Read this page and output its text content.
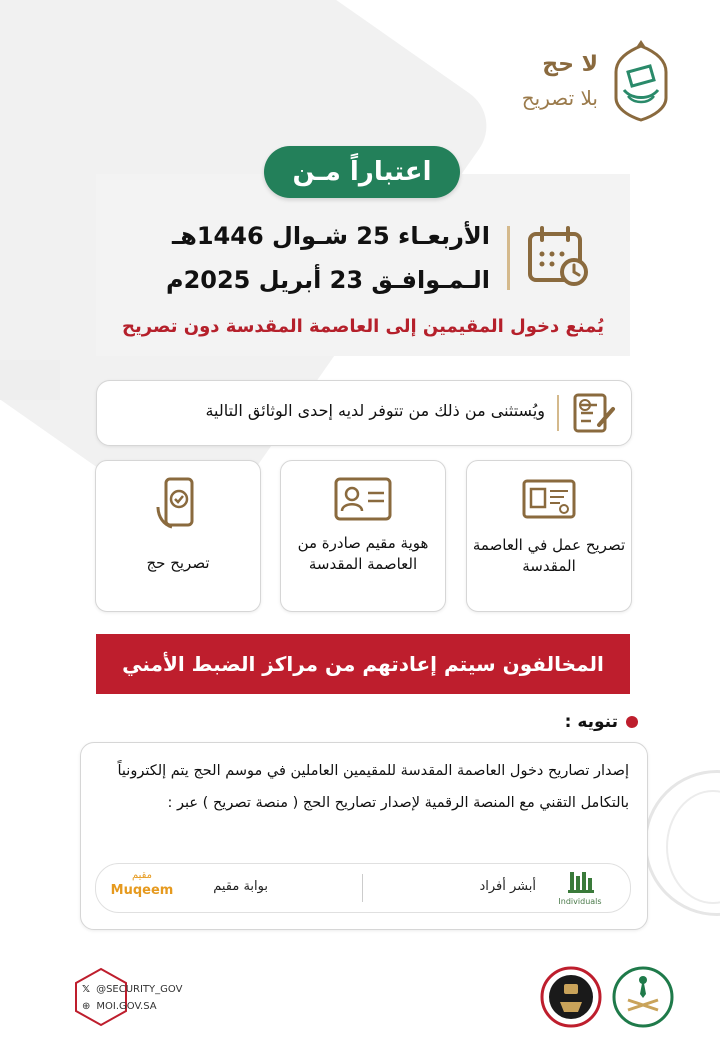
لا حج
بلا تصريح
الأربعـاء 25 شـوال 1446هـ
الـمـوافـق 23 أبريل 2025م
يُمنع دخول المقيمين إلى العاصمة المقدسة دون تصريح
اعتباراً مـن
ويُستثنى من ذلك من تتوفر لديه إحدى الوثائق التالية
تصريح عمل في العاصمة المقدسة
هوية مقيم صادرة من العاصمة المقدسة
تصريح حج
المخالفون سيتم إعادتهم من مراكز الضبط الأمني
تنويه :
إصدار تصاريح دخول العاصمة المقدسة للمقيمين العاملين في موسم الحج يتم إلكترونياً بالتكامل التقني مع المنصة الرقمية لإصدار تصاريح الحج ( منصة تصريح ) عبر :
Individuals
أبشر أفراد
بوابة مقيم
مقيم
Muqeem
𝕏 @SECURITY_GOV
⊕ MOI.GOV.SA
